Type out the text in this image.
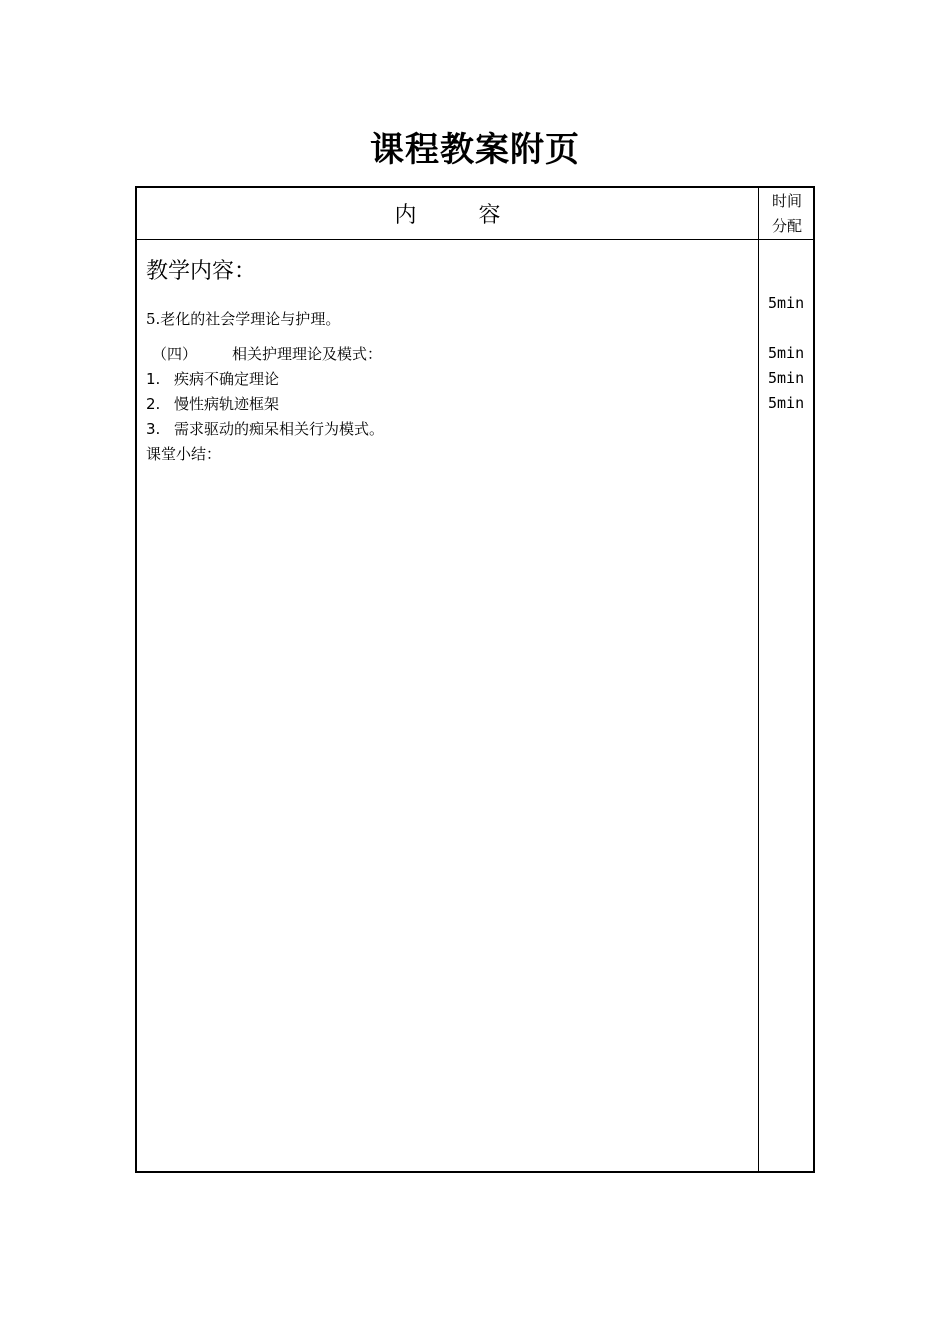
课程教案附页
内	容
时间
分配
教学内容：
5.老化的社会学理论与护理。
（四） 相关护理理论及模式：
1. 疾病不确定理论
2. 慢性病轨迹框架
3. 需求驱动的痴呆相关行为模式。
课堂小结：
5min
5min
5min
5min
